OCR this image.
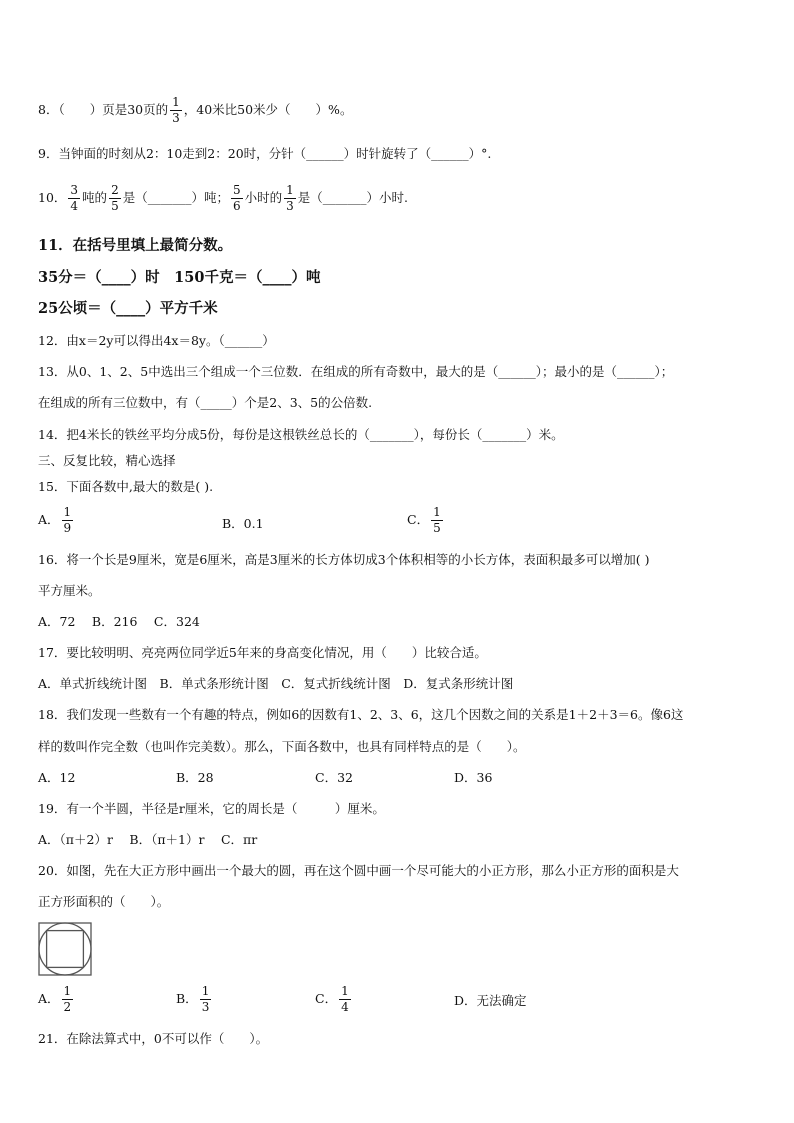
8．（　　）页是30页的 $\frac{1}{3}$ ，40米比50米少（　　）%。
9．当钟面的时刻从2：10走到2：20时，分针（______）时针旋转了（______）°.
10． $\frac{3}{4}$ 吨的 $\frac{2}{5}$ 是（_______）吨； $\frac{5}{6}$ 小时的 $\frac{1}{3}$ 是（_______）小时.
11．在括号里填上最简分数。
35分＝（____）时　150千克＝（____）吨
25公顷＝（____）平方千米
12．由x＝2y可以得出4x＝8y。（______）
13．从0、1、2、5中选出三个组成一个三位数．在组成的所有奇数中，最大的是（______）；最小的是（______）；
在组成的所有三位数中，有（_____）个是2、3、5的公倍数.
14．把4米长的铁丝平均分成5份，每份是这根铁丝总长的（_______），每份长（_______）米。
三、反复比较，精心选择
15．下面各数中,最大的数是( ).
A． $\frac{1}{9}$	B．0.1	C． $\frac{1}{5}$
16．将一个长是9厘米，宽是6厘米，高是3厘米的长方体切成3个体积相等的小长方体，表面积最多可以增加( )
平方厘米。
A．72　 B．216　 C．324
17．要比较明明、亮亮两位同学近5年来的身高变化情况，用（　　）比较合适。
A．单式折线统计图　B．单式条形统计图　C．复式折线统计图　D．复式条形统计图
18．我们发现一些数有一个有趣的特点，例如6的因数有1、2、3、6，这几个因数之间的关系是1＋2＋3＝6。像6这
样的数叫作完全数（也叫作完美数）。那么，下面各数中，也具有同样特点的是（　　）。
A．12	B．28	C．32	D．36
19．有一个半圆，半径是r厘米，它的周长是（　　　）厘米。
A．（π＋2）r　 B．（π＋1）r　 C．πr
20．如图，先在大正方形中画出一个最大的圆，再在这个圆中画一个尽可能大的小正方形，那么小正方形的面积是大
正方形面积的（　　）。
A． $\frac{1}{2}$	B． $\frac{1}{3}$	C． $\frac{1}{4}$	D．无法确定
21．在除法算式中，0不可以作（　　）。
